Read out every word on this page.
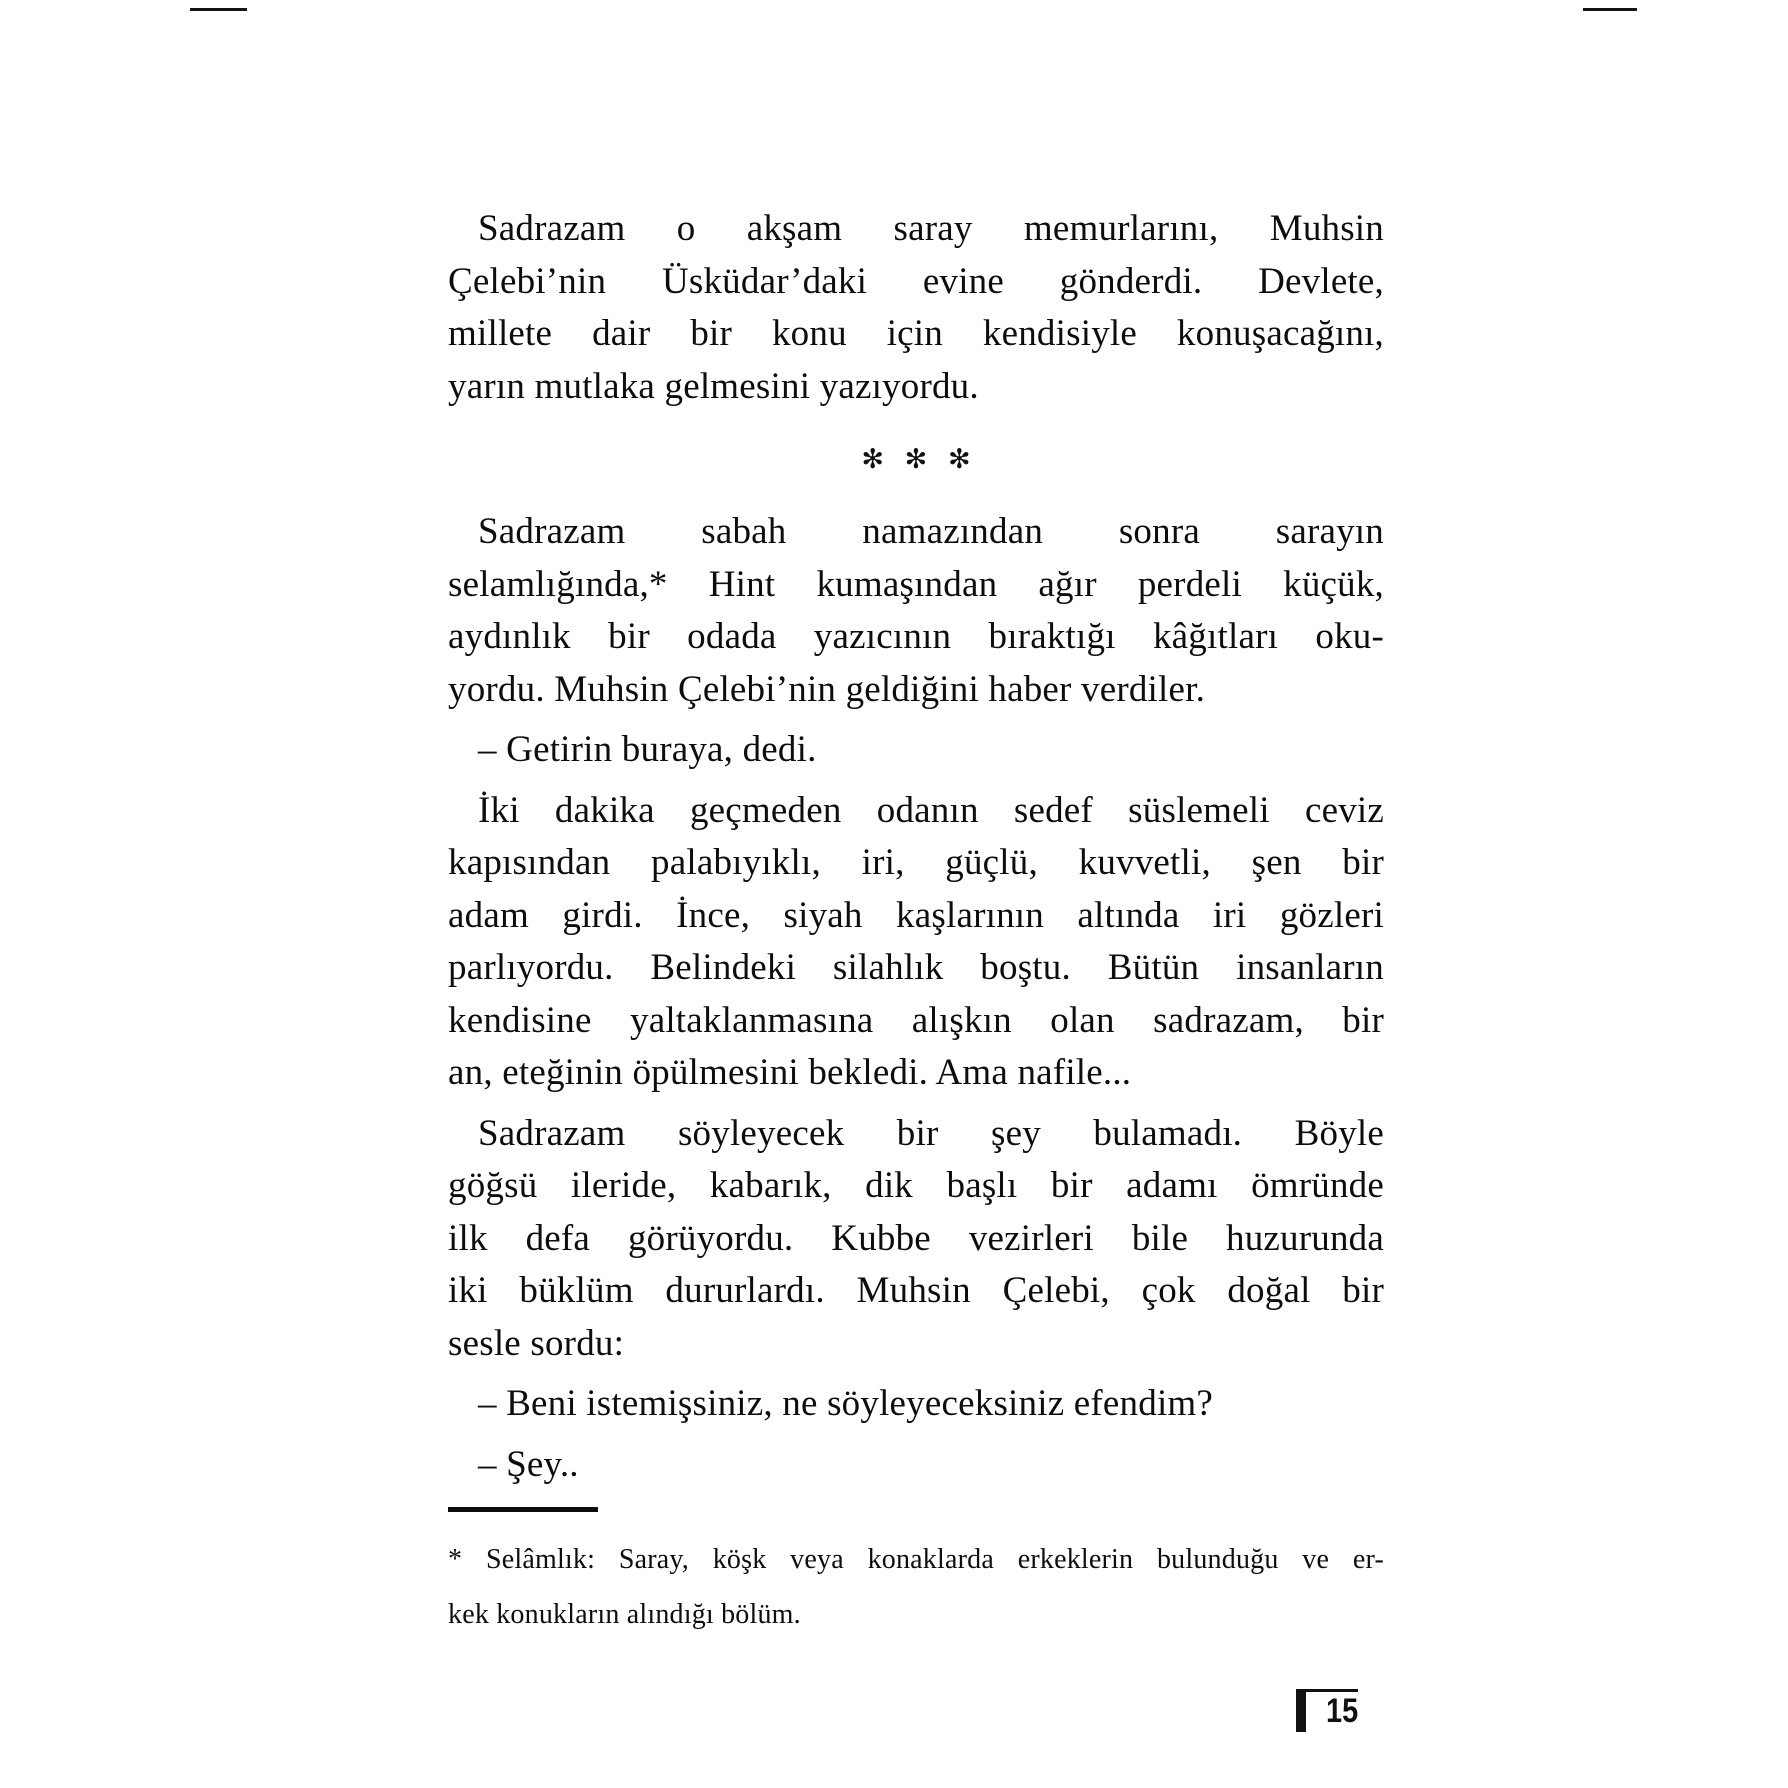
Sadrazam o akşam saray memurlarını, Muhsin
Çelebi’nin Üsküdar’daki evine gönderdi. Devlete,
millete dair bir konu için kendisiyle konuşacağını,
yarın mutlaka gelmesini yazıyordu.
✻ ✻ ✻
Sadrazam sabah namazından sonra sarayın
selamlığında,* Hint kumaşından ağır perdeli küçük,
aydınlık bir odada yazıcının bıraktığı kâğıtları oku-
yordu. Muhsin Çelebi’nin geldiğini haber verdiler.
– Getirin buraya, dedi.
İki dakika geçmeden odanın sedef süslemeli ceviz
kapısından palabıyıklı, iri, güçlü, kuvvetli, şen bir
adam girdi. İnce, siyah kaşlarının altında iri gözleri
parlıyordu. Belindeki silahlık boştu. Bütün insanların
kendisine yaltaklanmasına alışkın olan sadrazam, bir
an, eteğinin öpülmesini bekledi. Ama nafile...
Sadrazam söyleyecek bir şey bulamadı. Böyle
göğsü ileride, kabarık, dik başlı bir adamı ömründe
ilk defa görüyordu. Kubbe vezirleri bile huzurunda
iki büklüm dururlardı. Muhsin Çelebi, çok doğal bir
sesle sordu:
– Beni istemişsiniz, ne söyleyeceksiniz efendim?
– Şey..
* Selâmlık: Saray, köşk veya konaklarda erkeklerin bulunduğu ve er-
kek konukların alındığı bölüm.
15
